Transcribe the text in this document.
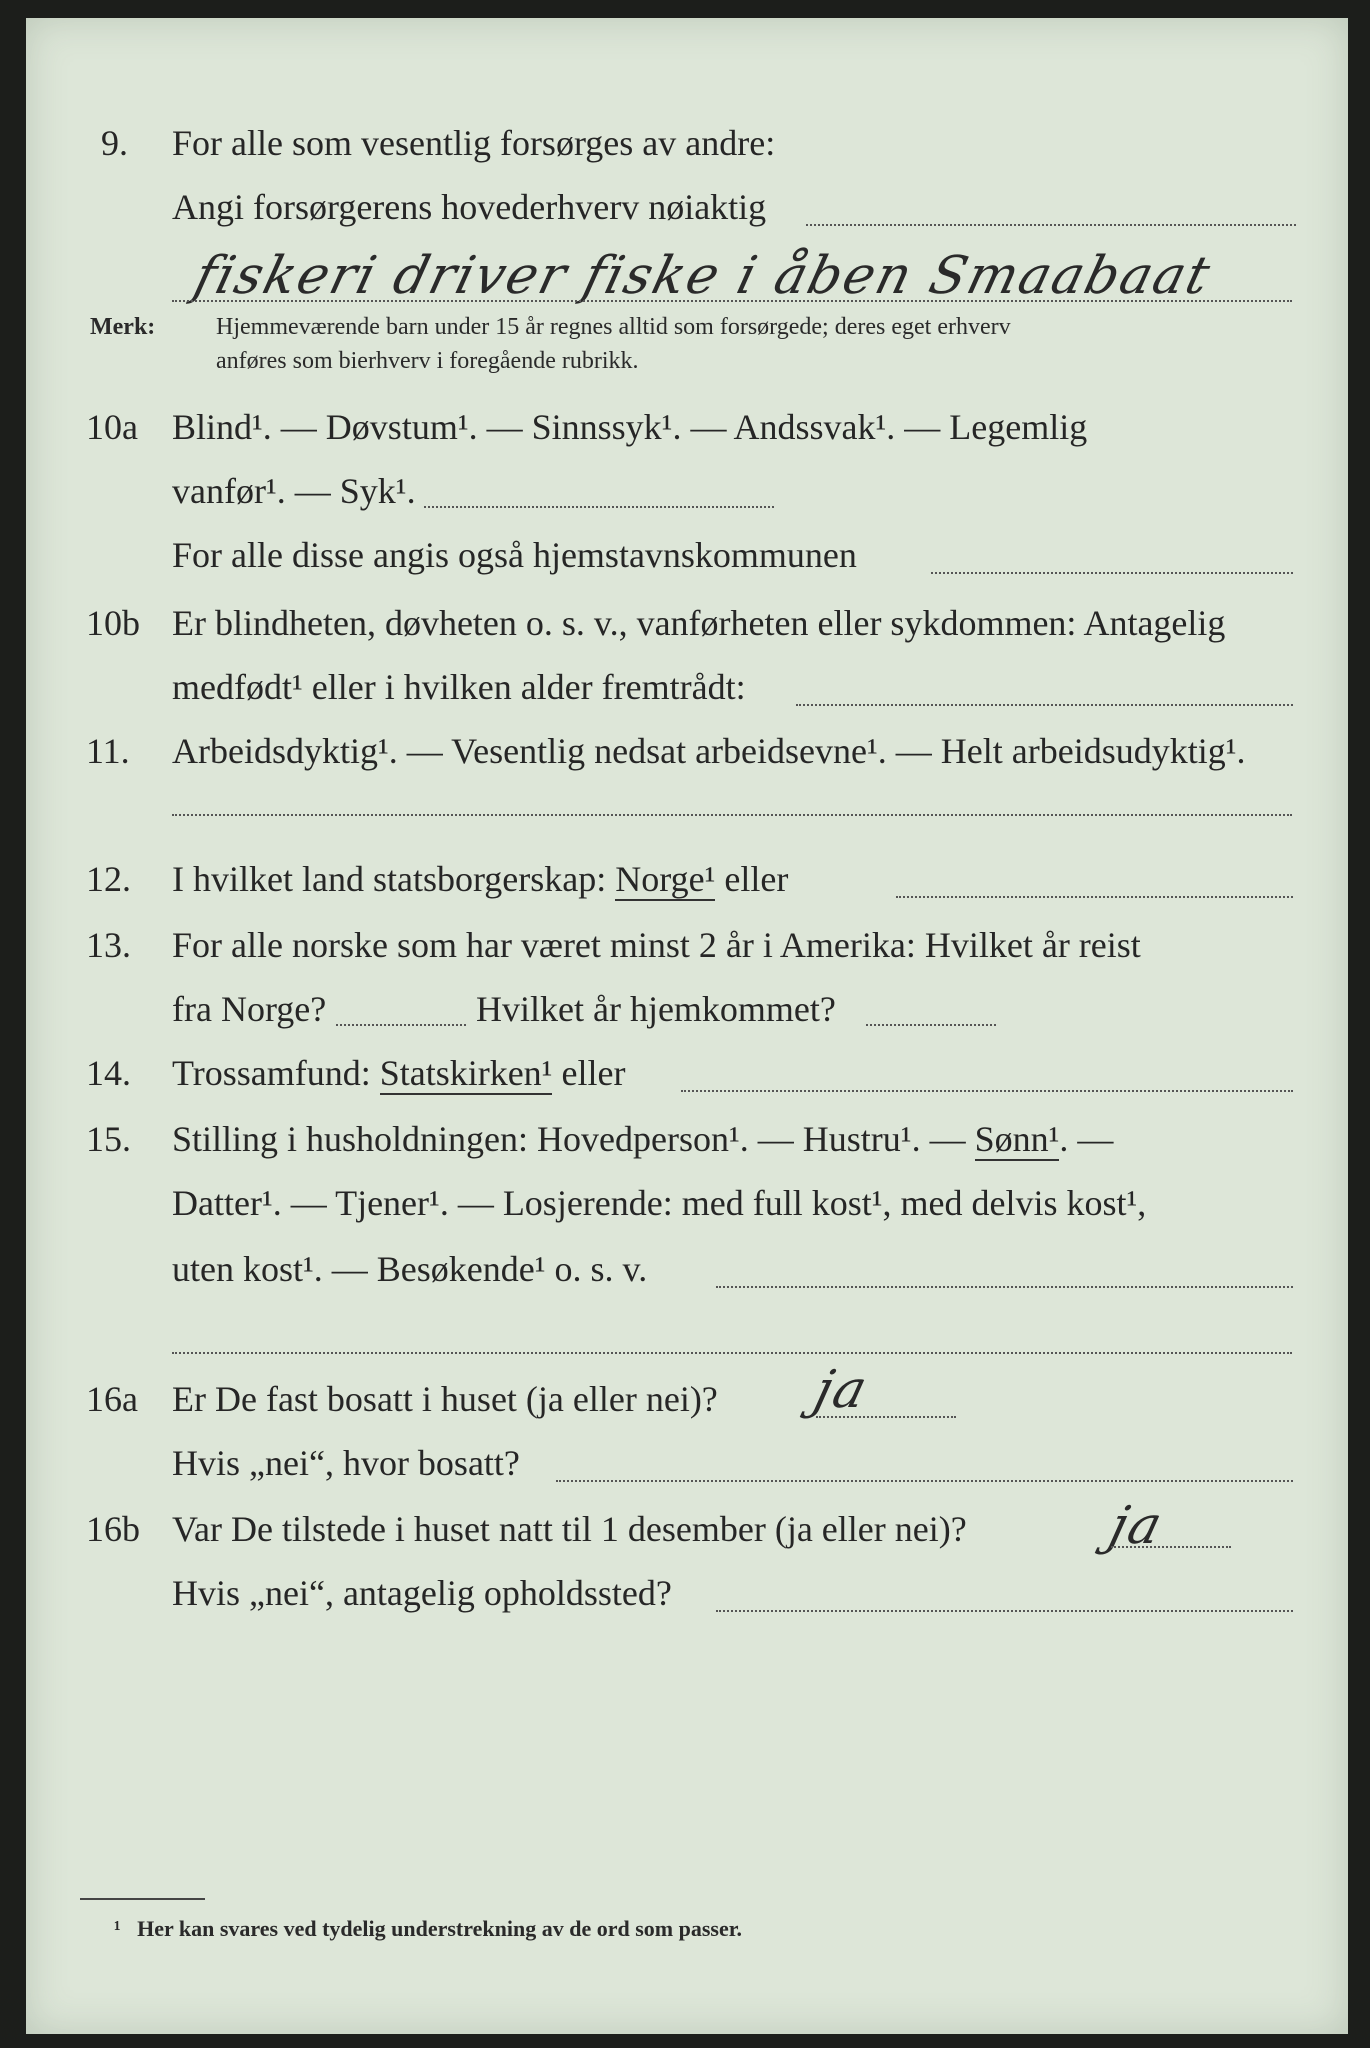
9. For alle som vesentlig forsørges av andre:
Angi forsørgerens hovederhverv nøiaktig
fiskeri driver fiske i åben Smaabaat
Merk:	Hjemmeværende barn under 15 år regnes alltid som forsørgede; deres eget erhverv
anføres som bierhverv i foregående rubrikk.
10a Blind¹. — Døvstum¹. — Sinnssyk¹. — Andssvak¹. — Legemlig
vanfør¹. — Syk¹.
For alle disse angis også hjemstavnskommunen
10b Er blindheten, døvheten o. s. v., vanførheten eller sykdommen: Antagelig
medfødt¹ eller i hvilken alder fremtrådt:
11. Arbeidsdyktig¹. — Vesentlig nedsat arbeidsevne¹. — Helt arbeidsudyktig¹.
12. I hvilket land statsborgerskap: Norge¹ eller
13. For alle norske som har været minst 2 år i Amerika: Hvilket år reist
fra Norge?	Hvilket år hjemkommet?
14. Trossamfund: Statskirken¹ eller
15. Stilling i husholdningen: Hovedperson¹. — Hustru¹. — Sønn¹. —
Datter¹. — Tjener¹. — Losjerende: med full kost¹, med delvis kost¹,
uten kost¹. — Besøkende¹ o. s. v.
16a Er De fast bosatt i huset (ja eller nei)? ja
Hvis „nei“, hvor bosatt?
16b Var De tilstede i huset natt til 1 desember (ja eller nei)?	ja
Hvis „nei“, antagelig opholdssted?
¹ Her kan svares ved tydelig understrekning av de ord som passer.
